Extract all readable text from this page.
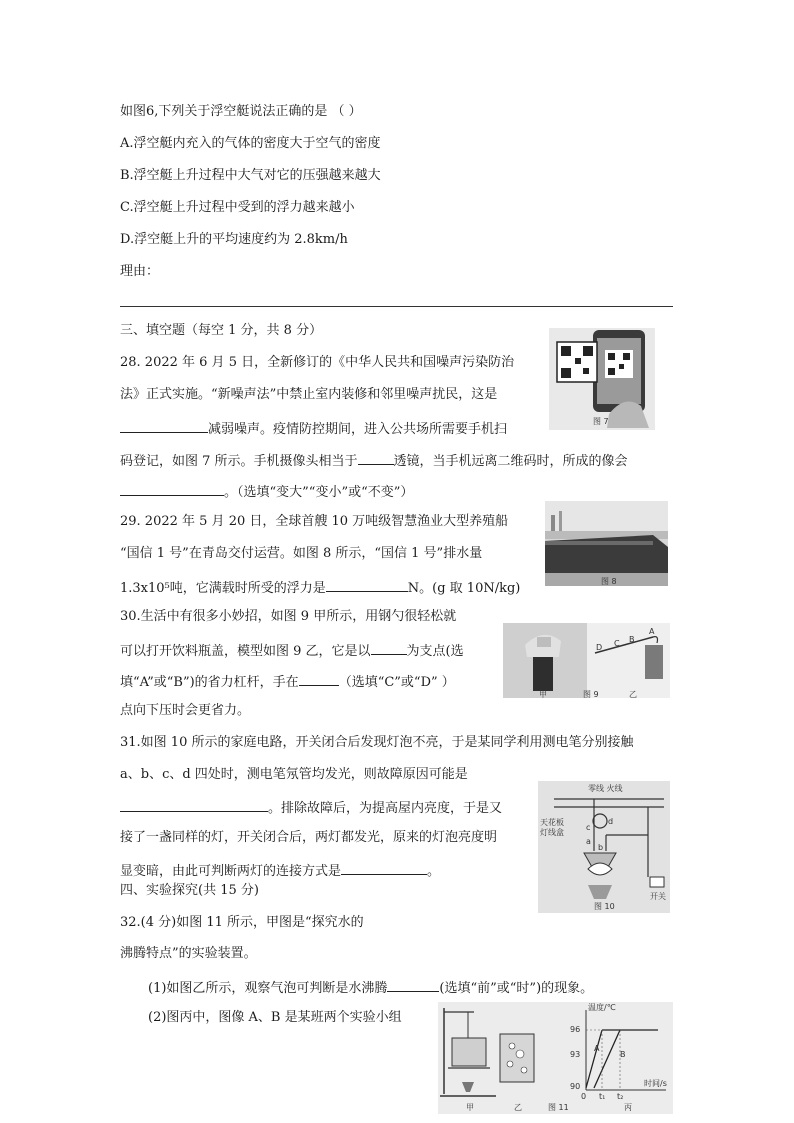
如图6,下列关于浮空艇说法正确的是 （ ）
A.浮空艇内充入的气体的密度大于空气的密度
B.浮空艇上升过程中大气对它的压强越来越大
C.浮空艇上升过程中受到的浮力越来越小
D.浮空艇上升的平均速度约为 2.8km/h
理由：
三、填空题（每空 1 分，共 8 分）
28. 2022 年 6 月 5 日，全新修订的《中华人民共和国噪声污染防治
法》正式实施。“新噪声法”中禁止室内装修和邻里噪声扰民，这是
减弱噪声。疫情防控期间，进入公共场所需要手机扫
码登记，如图 7 所示。手机摄像头相当于	透镜，当手机远离二维码时，所成的像会
。（选填“变大”“变小”或“不变”）
图 7
29. 2022 年 5 月 20 日，全球首艘 10 万吨级智慧渔业大型养殖船
“国信 1 号”在青岛交付运营。如图 8 所示，“国信 1 号”排水量
1.3x10⁵吨，它满载时所受的浮力是	N。(g 取 10N/kg)	图 8
30.生活中有很多小妙招，如图 9 甲所示，用钢勺很轻松就
可以打开饮料瓶盖，模型如图 9 乙，它是以	为支点(选
填“A”或“B”)的省力杠杆，手在	（选填“C”或“D” ）
点向下压时会更省力。
D C B
A
甲	乙
图 9
31.如图 10 所示的家庭电路，开关闭合后发现灯泡不亮，于是某同学利用测电笔分别接触
a、b、c、d 四处时，测电笔氖管均发光，则故障原因可能是
。排除故障后，为提高屋内亮度，于是又
接了一盏同样的灯，开关闭合后，两灯都发光，原来的灯泡亮度明
显变暗，由此可判断两灯的连接方式是	。
零线 火线
天花板
灯线盒
a
b
c
d
开关
图 10
四、实验探究(共 15 分)
32.(4 分)如图 11 所示，甲图是“探究水的
沸腾特点”的实验装置。
(1)如图乙所示，观察气泡可判断是水沸腾	(选填“前”或“时”)的现象。
(2)图丙中，图像 A、B 是某班两个实验小组
温度/℃
时间/s
96
93
90
0 t₁ t₂
A
B
甲	乙	图 11	丙
